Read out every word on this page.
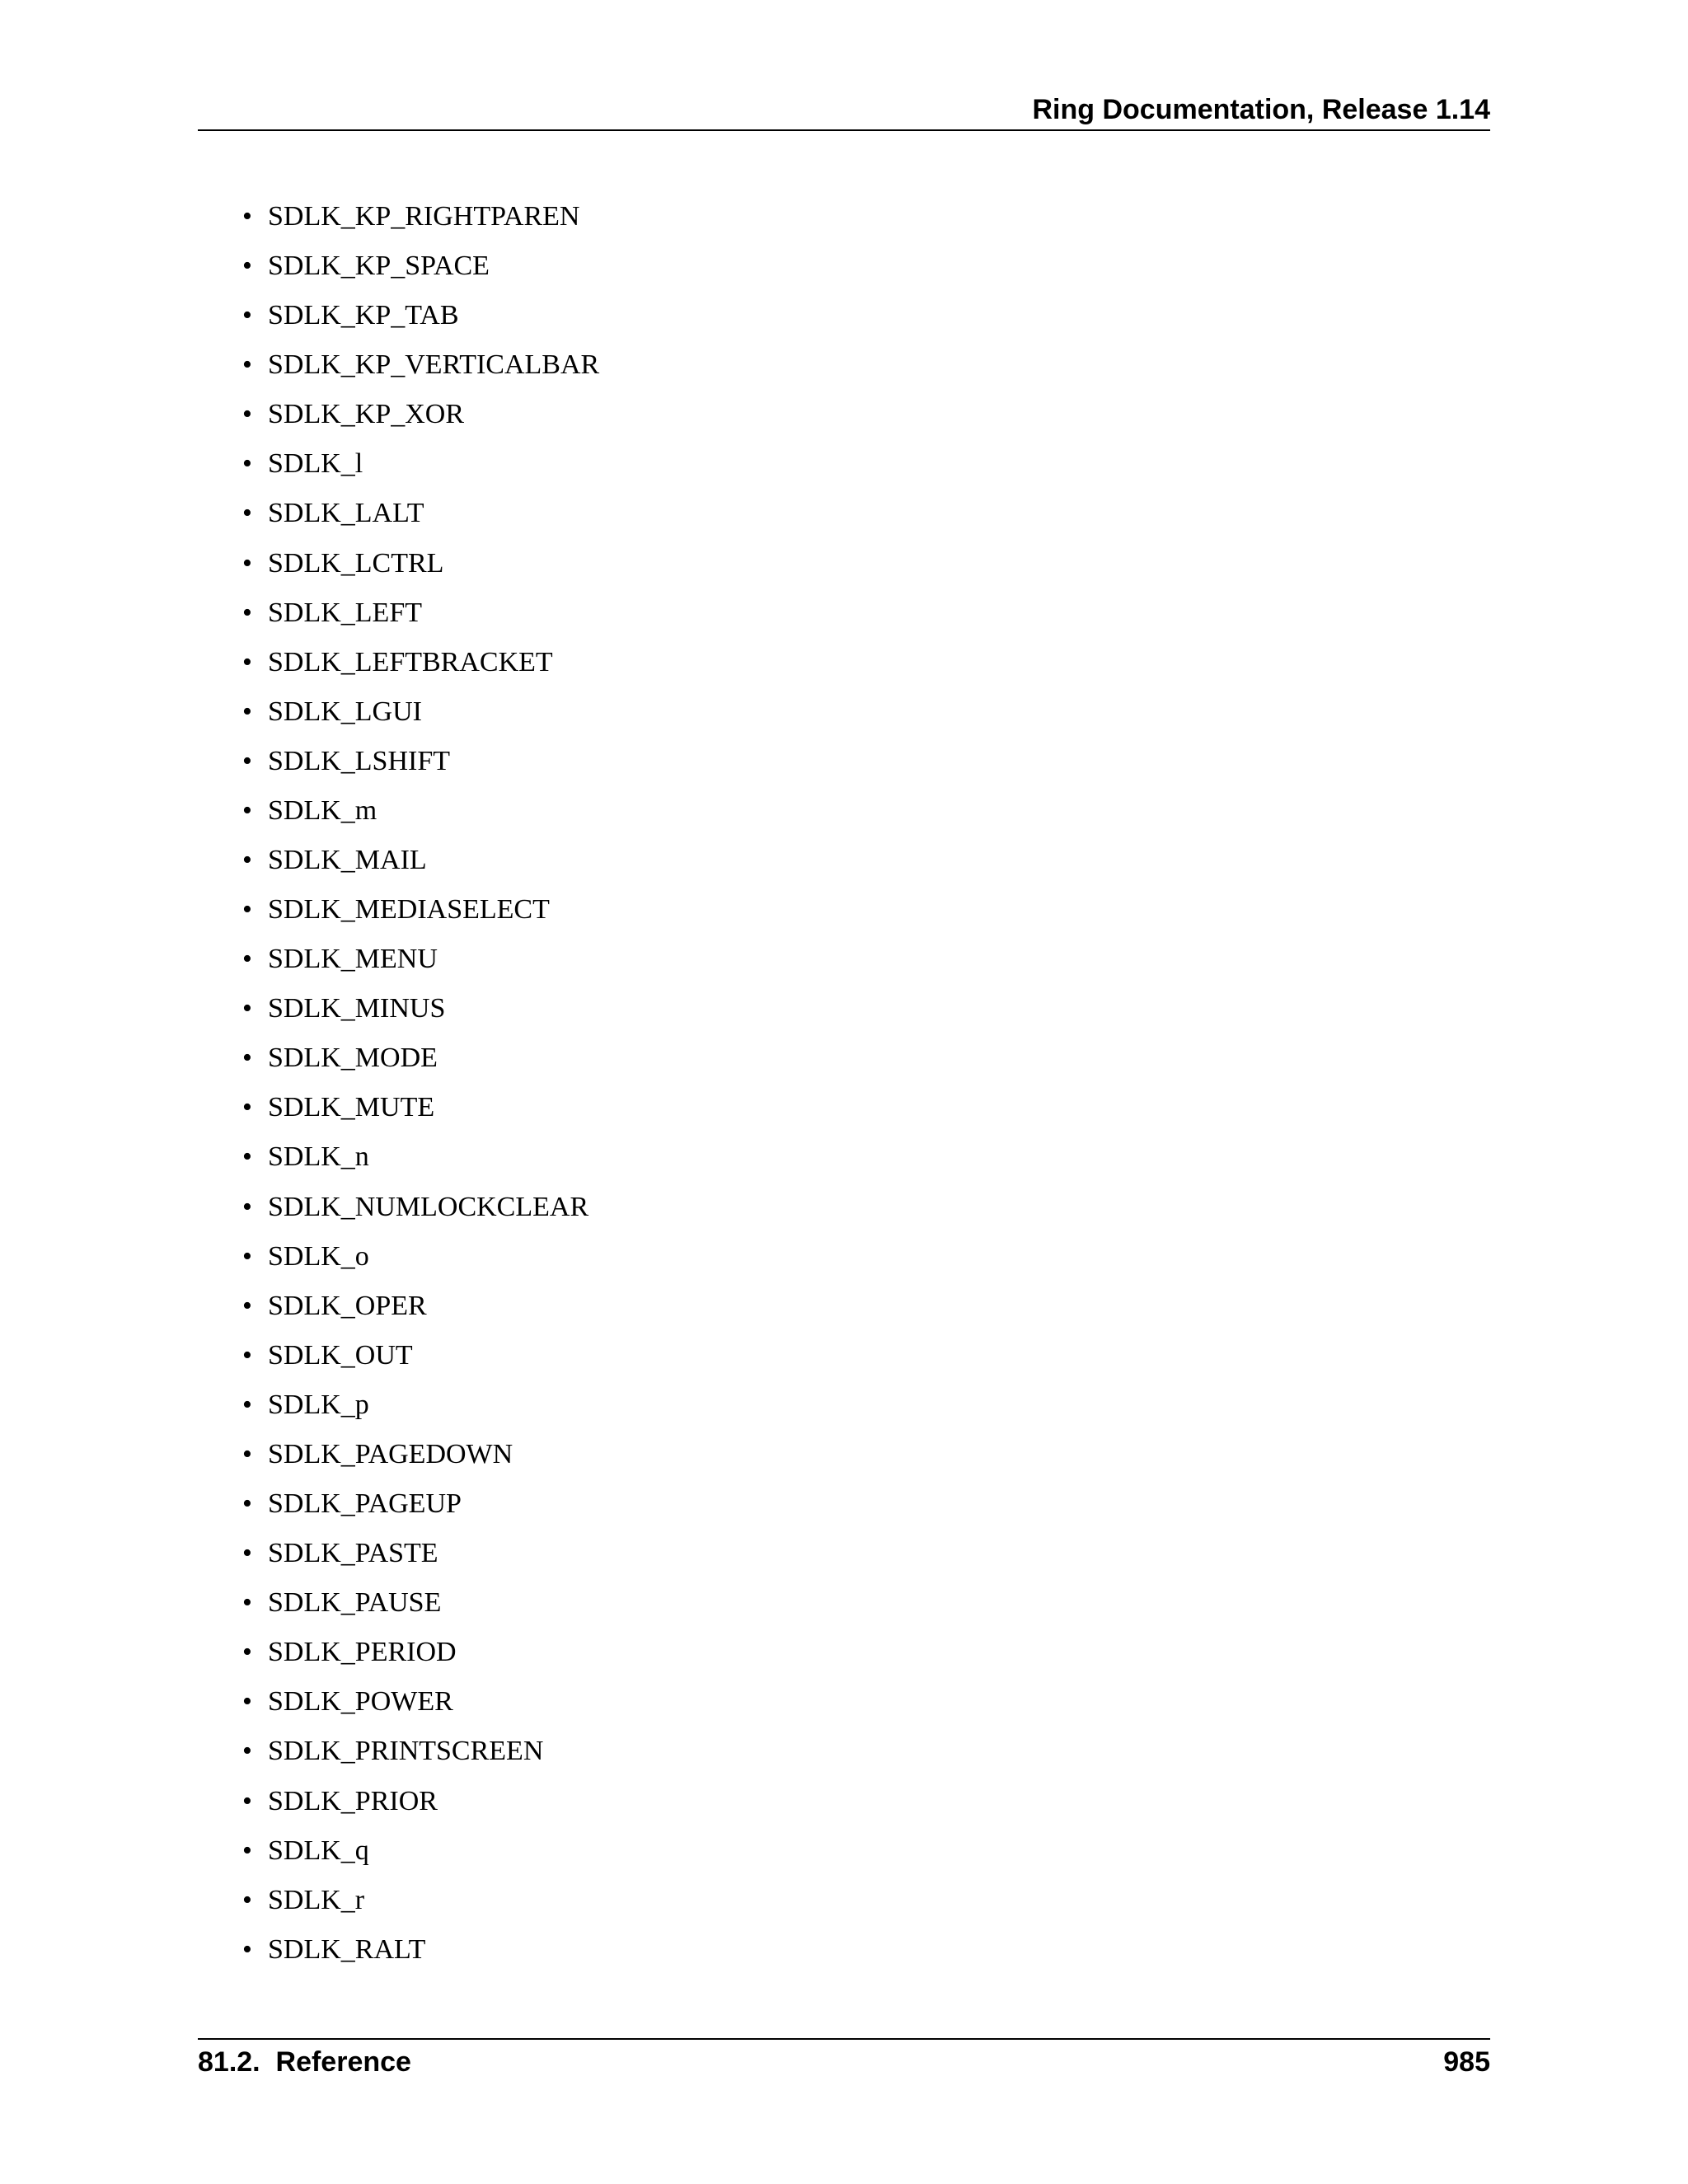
Ring Documentation, Release 1.14
• SDLK_KP_RIGHTPAREN
• SDLK_KP_SPACE
• SDLK_KP_TAB
• SDLK_KP_VERTICALBAR
• SDLK_KP_XOR
• SDLK_l
• SDLK_LALT
• SDLK_LCTRL
• SDLK_LEFT
• SDLK_LEFTBRACKET
• SDLK_LGUI
• SDLK_LSHIFT
• SDLK_m
• SDLK_MAIL
• SDLK_MEDIASELECT
• SDLK_MENU
• SDLK_MINUS
• SDLK_MODE
• SDLK_MUTE
• SDLK_n
• SDLK_NUMLOCKCLEAR
• SDLK_o
• SDLK_OPER
• SDLK_OUT
• SDLK_p
• SDLK_PAGEDOWN
• SDLK_PAGEUP
• SDLK_PASTE
• SDLK_PAUSE
• SDLK_PERIOD
• SDLK_POWER
• SDLK_PRINTSCREEN
• SDLK_PRIOR
• SDLK_q
• SDLK_r
• SDLK_RALT
81.2.  Reference	985
